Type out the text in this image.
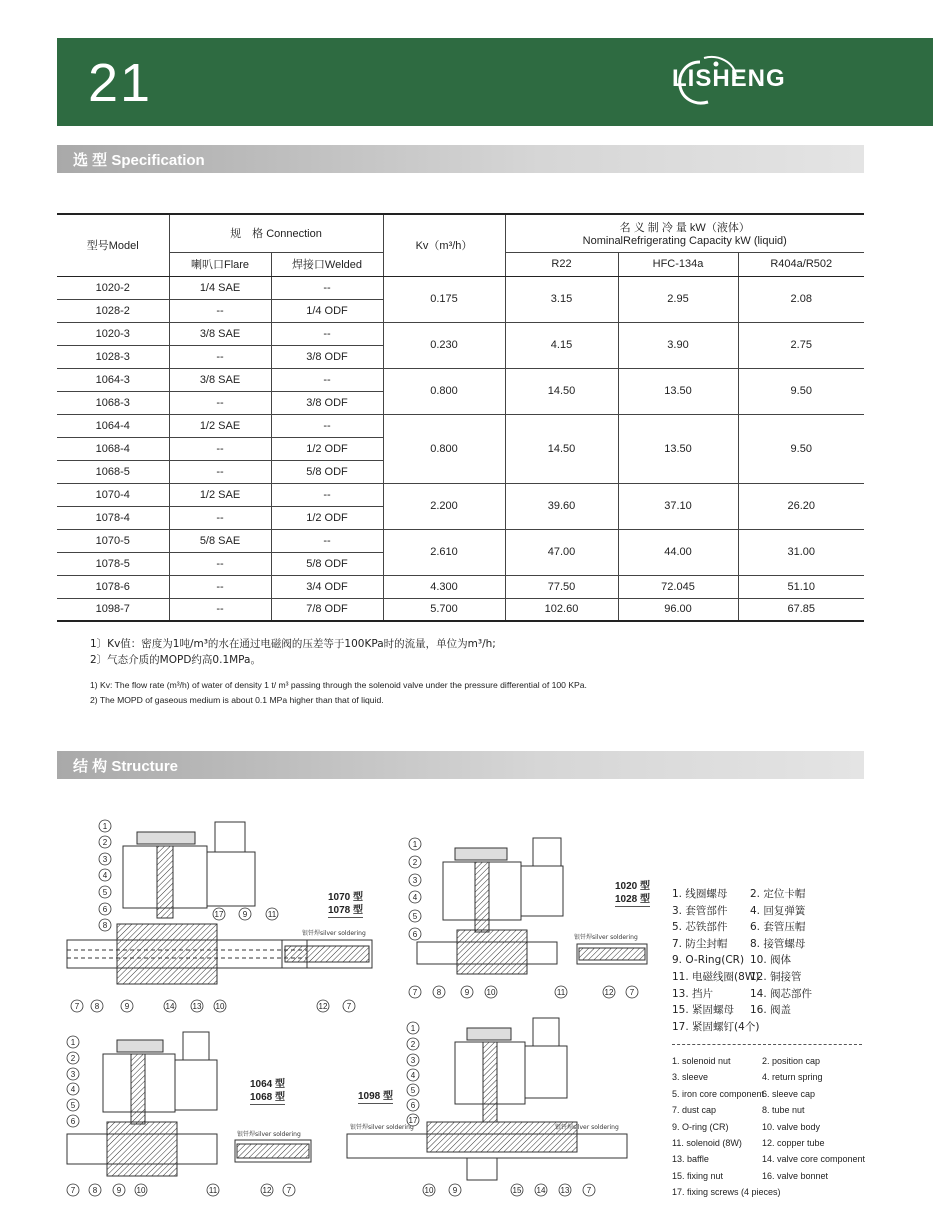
21	LISHENG
选 型 Specification
型号Model	规　格 Connection		Kv（m³/h）	名 义 制 冷 量 kW（液体）
NominalRefrigerating Capacity kW (liquid)		

	喇叭口Flare	焊接口Welded		R22	HFC-134a	R404a/R502
1020-2	1/4 SAE	--	0.175	3.15	2.95	2.08
1028-2	--	1/4 ODF				
1020-3	3/8 SAE	--	0.230	4.15	3.90	2.75
1028-3	--	3/8 ODF				
1064-3	3/8 SAE	--	0.800	14.50	13.50	9.50
1068-3	--	3/8 ODF				
1064-4	1/2 SAE	--	0.800	14.50	13.50	9.50
1068-4	--	1/2 ODF				
1068-5	--	5/8 ODF				
1070-4	1/2 SAE	--	2.200	39.60	37.10	26.20
1078-4	--	1/2 ODF				
1070-5	5/8 SAE	--	2.610	47.00	44.00	31.00
1078-5	--	5/8 ODF				
1078-6	--	3/4 ODF	4.300	77.50	72.045	51.10
1098-7	--	7/8 ODF	5.700	102.60	96.00	67.85
1〕Kv值：密度为1吨/m³的水在通过电磁阀的压差等于100KPa时的流量，单位为m³/h;
2〕气态介质的MOPD约高0.1MPa。
1) Kv: The flow rate (m³/h) of water of density 1 t/ m³ passing through the solenoid valve under the pressure differential of 100 KPa.
2) The MOPD of gaseous medium is about 0.1 MPa higher than that of liquid.
结 构 Structure
1
2
3
4
5
6
8
7 8	9	14 13 10
17 9	11
12 7
1
2
3
4
5
6
7 8	9 10	11	12 7
1
2
3
4
5
6
7 8 9 10	11	12 7
1
2
3
4
5
6
17
10 9	15 14 13 7
1070 型
1078 型
1020 型
1028 型
1064 型
1068 型	1098 型
银钎焊silver soldering
银钎焊silver soldering
银钎焊silver soldering
银钎焊silver soldering	银钎焊silver soldering
1. 线圈螺母 2. 定位卡帽
3. 套管部件 4. 回复弹簧
5. 芯铁部件 6. 套管压帽
7. 防尘封帽 8. 接管螺母
9. O-Ring(CR) 10. 阀体
11. 电磁线圈(8W)12. 铜接管
13. 挡片	14. 阀芯部件
15. 紧固螺母 16. 阀盖
17. 紧固螺钉(4个)
1. solenoid nut	2. position cap
3. sleeve	4. return spring
5. iron core component6. sleeve cap
7. dust cap	8. tube nut
9. O-ring (CR)	10. valve body
11. solenoid (8W) 12. copper tube
13. baffle	14. valve core component
15. fixing nut	16. valve bonnet
17. fixing screws (4 pieces)
